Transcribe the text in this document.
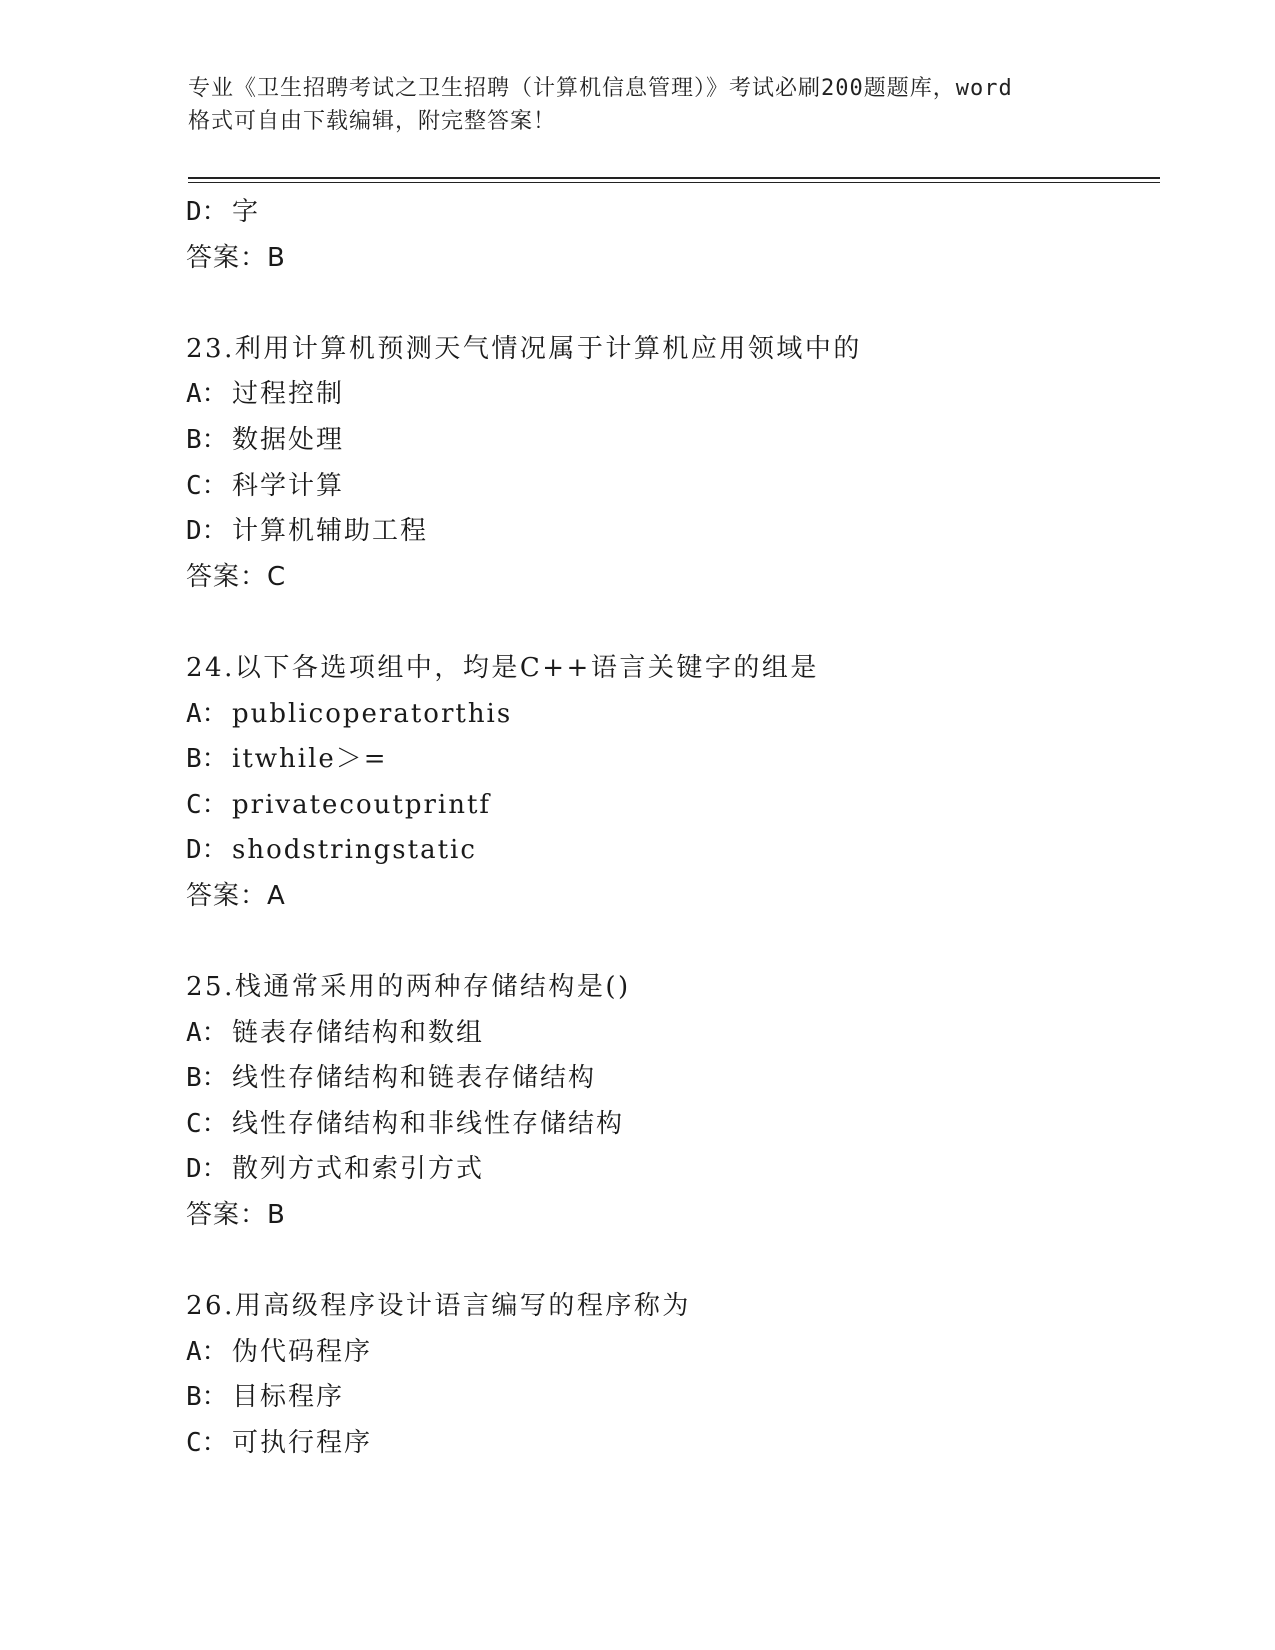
专业《卫生招聘考试之卫生招聘（计算机信息管理）》考试必刷200题题库，word
格式可自由下载编辑，附完整答案！
D： 字
答案：B
23.利用计算机预测天气情况属于计算机应用领域中的
A： 过程控制
B： 数据处理
C： 科学计算
D： 计算机辅助工程
答案：C
24.以下各选项组中，均是C++语言关键字的组是
A： publicoperatorthis
B： itwhile＞=
C： privatecoutprintf
D： shodstringstatic
答案：A
25.栈通常采用的两种存储结构是()
A： 链表存储结构和数组
B： 线性存储结构和链表存储结构
C： 线性存储结构和非线性存储结构
D： 散列方式和索引方式
答案：B
26.用高级程序设计语言编写的程序称为
A： 伪代码程序
B： 目标程序
C： 可执行程序
